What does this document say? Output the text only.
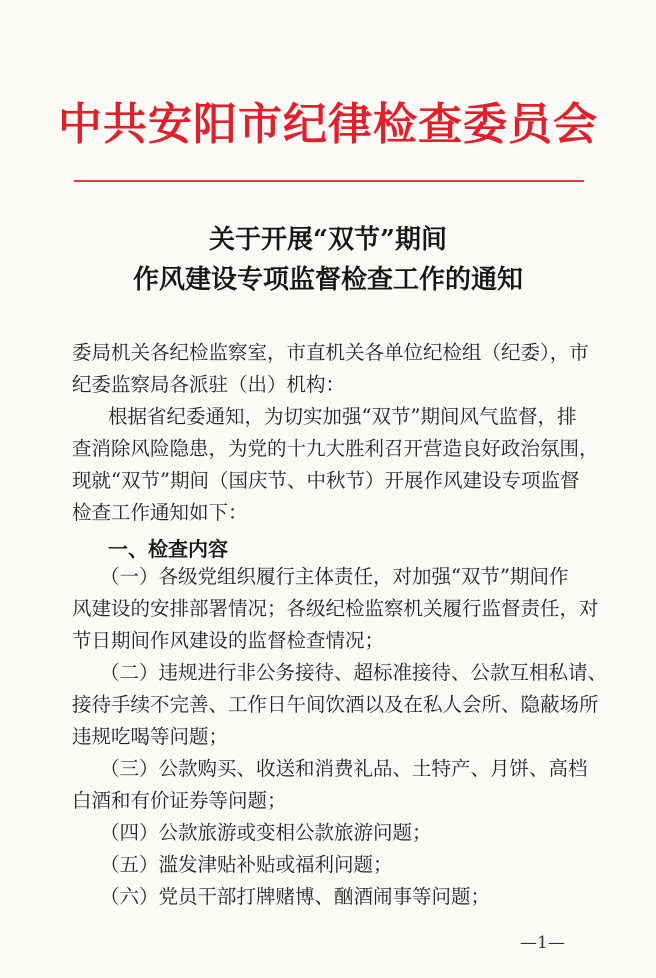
中共安阳市纪律检查委员会
关于开展“双节”期间
作风建设专项监督检查工作的通知
委局机关各纪检监察室，市直机关各单位纪检组（纪委），市
纪委监察局各派驻（出）机构：
根据省纪委通知，为切实加强“双节”期间风气监督，排
查消除风险隐患，为党的十九大胜利召开营造良好政治氛围，
现就“双节”期间（国庆节、中秋节）开展作风建设专项监督
检查工作通知如下：
一、检查内容
（一）各级党组织履行主体责任，对加强“双节”期间作
风建设的安排部署情况；各级纪检监察机关履行监督责任，对
节日期间作风建设的监督检查情况；
（二）违规进行非公务接待、超标准接待、公款互相私请、
接待手续不完善、工作日午间饮酒以及在私人会所、隐蔽场所
违规吃喝等问题；
（三）公款购买、收送和消费礼品、土特产、月饼、高档
白酒和有价证券等问题；
（四）公款旅游或变相公款旅游问题；
（五）滥发津贴补贴或福利问题；
（六）党员干部打牌赌博、酗酒闹事等问题；
—1—
